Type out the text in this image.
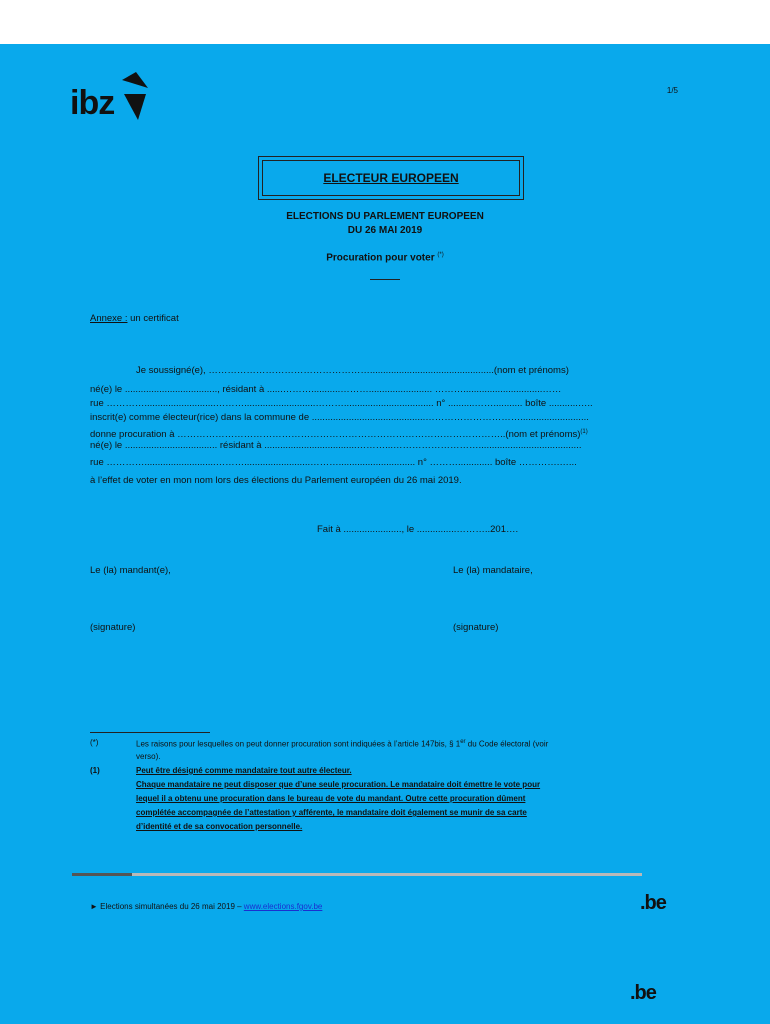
ibz	1/5
ELECTEUR EUROPEEN
ELECTIONS DU PARLEMENT EUROPEEN
DU 26 MAI 2019
Procuration pour voter (*)
Annexe : un certificat
Je soussigné(e), ……………………………………………...............................................(nom et prénoms)
né(e) le ..................................., résidant à ......………...........………........................ ………..............................……
rue …………...........................………...........................……….................................. n° ..........……........... boîte ...........…..
inscrit(e) comme électeur(rice) dans la commune de ...........................................…………………………..........................
donne procuration à …………………………………………………………………………………………..(nom et prénoms)$^{(1)}$
né(e) le ................................... résidant à ...................................………...……………………….......................................
rue …………...........................……….........................………............................. n° ………............. boîte ………….…...
à l’effet de voter en mon nom lors des élections du Parlement européen du 26 mai 2019.
Fait à ......................, le ...............………..201….
Le (la) mandant(e),	Le (la) mandataire,
(signature)	(signature)
(*)	Les raisons pour lesquelles on peut donner procuration sont indiquées à l’article 147bis, § 1er du Code électoral (voir
verso).
(1)	Peut être désigné comme mandataire tout autre électeur.
Chaque mandataire ne peut disposer que d’une seule procuration. Le mandataire doit émettre le vote pour
lequel il a obtenu une procuration dans le bureau de vote du mandant. Outre cette procuration dûment
complétée accompagnée de l’attestation y afférente, le mandataire doit également se munir de sa carte
d’identité et de sa convocation personnelle.
► Elections simultanées du 26 mai 2019 – www.elections.fgov.be	.be
.be
